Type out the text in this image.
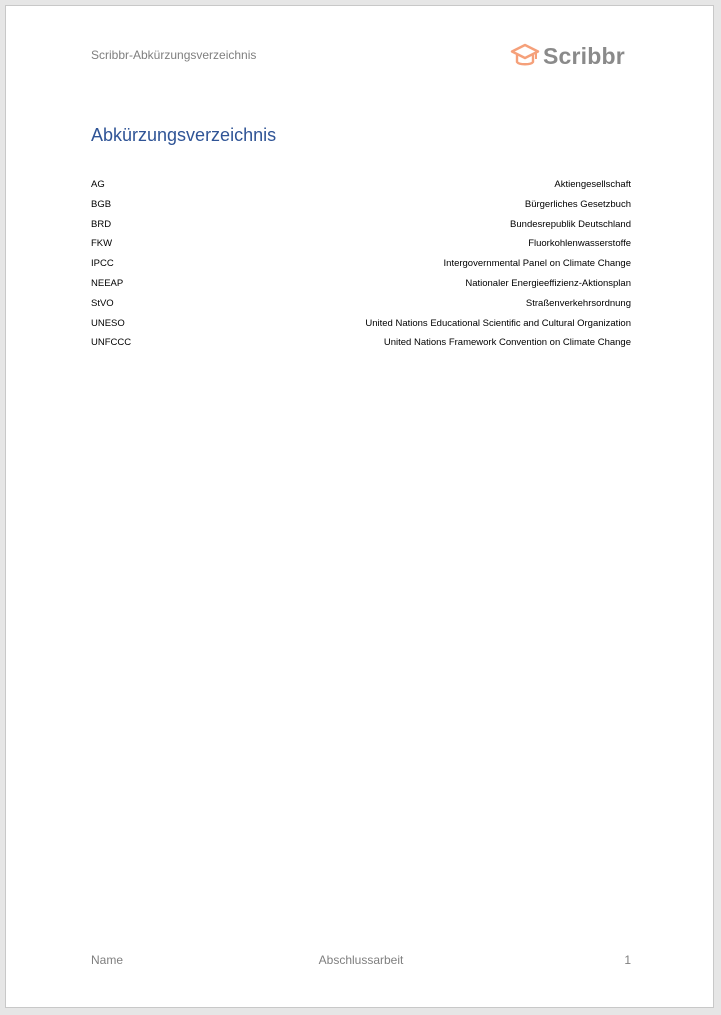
Scribbr-Abkürzungsverzeichnis	Scribbr
Abkürzungsverzeichnis
AG	Aktiengesellschaft
BGB	Bürgerliches Gesetzbuch
BRD	Bundesrepublik Deutschland
FKW	Fluorkohlenwasserstoffe
IPCC	Intergovernmental Panel on Climate Change
NEEAP	Nationaler Energieeffizienz-Aktionsplan
StVO	Straßenverkehrsordnung
UNESO	United Nations Educational Scientific and Cultural Organization
UNFCCC	United Nations Framework Convention on Climate Change
Name	Abschlussarbeit	1
